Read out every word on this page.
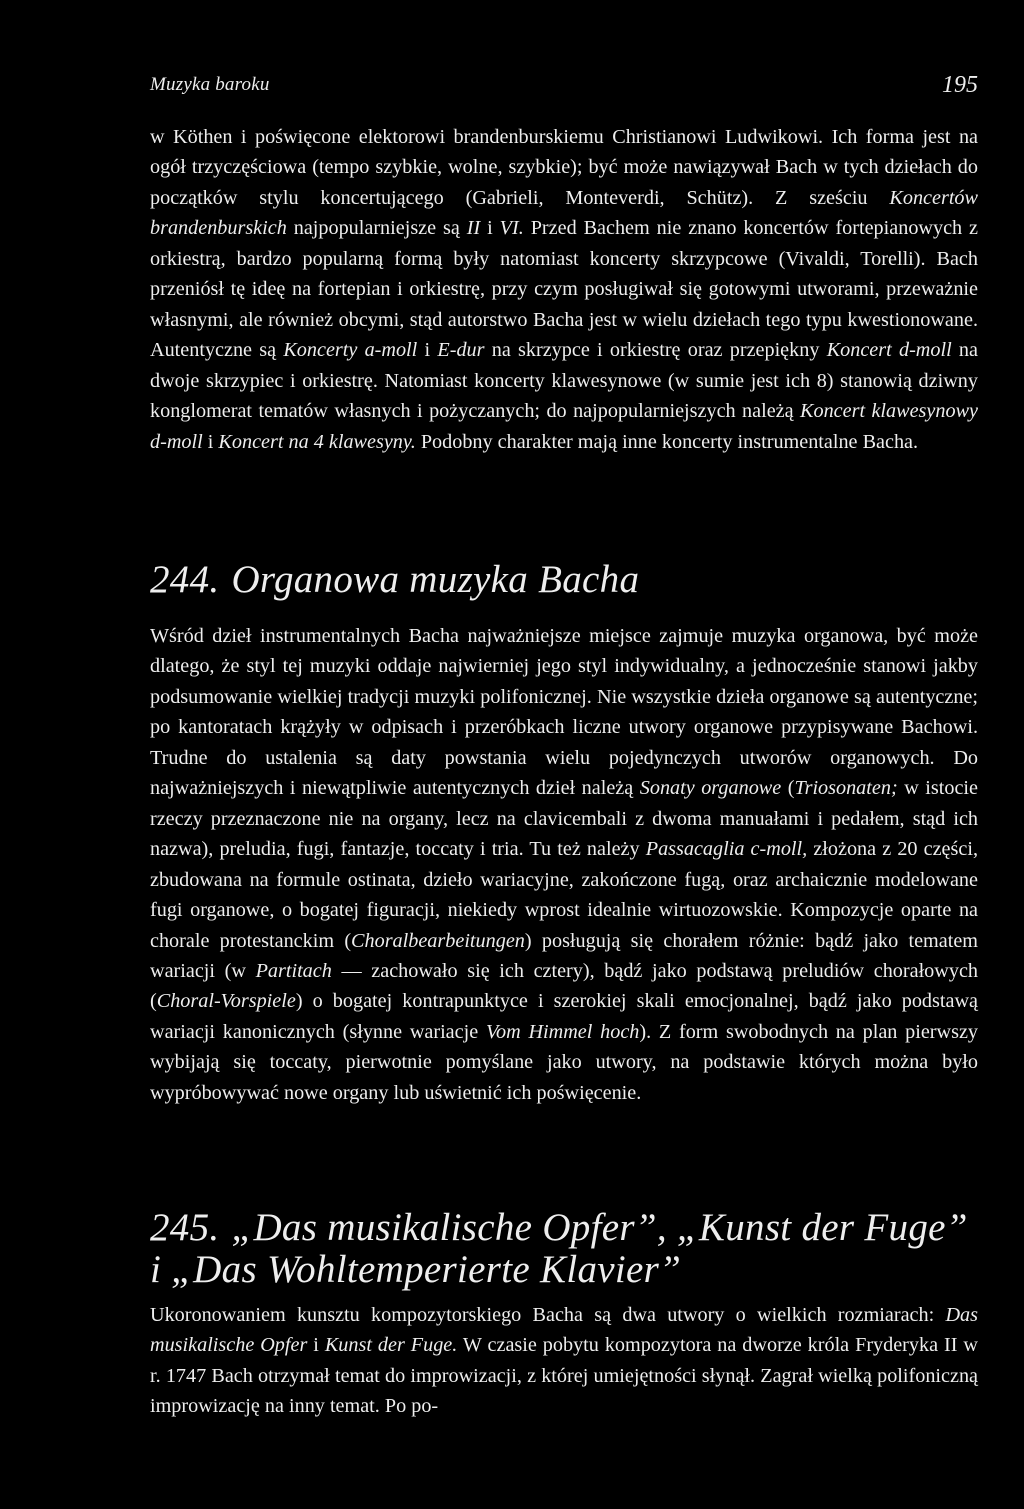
Muzyka baroku	195

w Köthen i poświęcone elektorowi brandenburskiemu Christianowi Ludwikowi. Ich forma jest na ogół trzyczęściowa (tempo szybkie, wolne, szybkie); być może nawiązywał Bach w tych dziełach do początków stylu koncertującego (Gabrieli, Monteverdi, Schütz). Z sześciu Koncertów brandenburskich najpopularniejsze są II i VI. Przed Bachem nie znano koncertów fortepianowych z orkiestrą, bardzo popularną formą były natomiast koncerty skrzypcowe (Vivaldi, Torelli). Bach przeniósł tę ideę na fortepian i orkiestrę, przy czym posługiwał się gotowymi utworami, przeważnie własnymi, ale również obcymi, stąd autorstwo Bacha jest w wielu dziełach tego typu kwestionowane. Autentyczne są Koncerty a-moll i E-dur na skrzypce i orkiestrę oraz przepiękny Koncert d-moll na dwoje skrzypiec i orkiestrę. Natomiast koncerty klawesynowe (w sumie jest ich 8) stanowią dziwny konglomerat tematów własnych i pożyczanych; do najpopularniejszych należą Koncert klawesynowy d-moll i Koncert na 4 klawesyny. Podobny charakter mają inne koncerty instrumentalne Bacha.

244. Organowa muzyka Bacha

Wśród dzieł instrumentalnych Bacha najważniejsze miejsce zajmuje muzyka organowa, być może dlatego, że styl tej muzyki oddaje najwierniej jego styl indywidualny, a jednocześnie stanowi jakby podsumowanie wielkiej tradycji muzyki polifonicznej. Nie wszystkie dzieła organowe są autentyczne; po kantoratach krążyły w odpisach i przeróbkach liczne utwory organowe przypisywane Bachowi. Trudne do ustalenia są daty powstania wielu pojedynczych utworów organowych. Do najważniejszych i niewątpliwie autentycznych dzieł należą Sonaty organowe (Triosonaten; w istocie rzeczy przeznaczone nie na organy, lecz na clavicembali z dwoma manuałami i pedałem, stąd ich nazwa), preludia, fugi, fantazje, toccaty i tria. Tu też należy Passacaglia c-moll, złożona z 20 części, zbudowana na formule ostinata, dzieło wariacyjne, zakończone fugą, oraz archaicznie modelowane fugi organowe, o bogatej figuracji, niekiedy wprost idealnie wirtuozowskie. Kompozycje oparte na chorale protestanckim (Choralbearbeitungen) posługują się chorałem różnie: bądź jako tematem wariacji (w Partitach — zachowało się ich cztery), bądź jako podstawą preludiów chorałowych (Choral-Vorspiele) o bogatej kontrapunktyce i szerokiej skali emocjonalnej, bądź jako podstawą wariacji kanonicznych (słynne wariacje Vom Himmel hoch). Z form swobodnych na plan pierwszy wybijają się toccaty, pierwotnie pomyślane jako utwory, na podstawie których można było wypróbowywać nowe organy lub uświetnić ich poświęcenie.

245. „Das musikalische Opfer”, „Kunst der Fuge”
i „Das Wohltemperierte Klavier”

Ukoronowaniem kunsztu kompozytorskiego Bacha są dwa utwory o wielkich rozmiarach: Das musikalische Opfer i Kunst der Fuge. W czasie pobytu kompozytora na dworze króla Fryderyka II w r. 1747 Bach otrzymał temat do improwizacji, z której umiejętności słynął. Zagrał wielką polifoniczną improwizację na inny temat. Po po-
